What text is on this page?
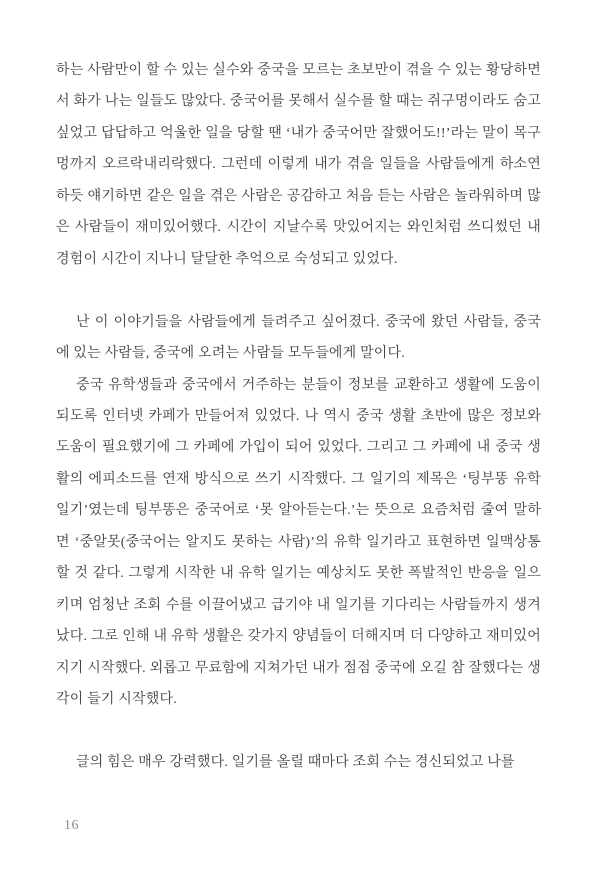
하는 사람만이 할 수 있는 실수와 중국을 모르는 초보만이 겪을 수 있는 황당하면서 화가 나는 일들도 많았다. 중국어를 못해서 실수를 할 때는 쥐구멍이라도 숨고 싶었고 답답하고 억울한 일을 당할 땐 ‘내가 중국어만 잘했어도!!’라는 말이 목구멍까지 오르락내리락했다. 그런데 이렇게 내가 겪을 일들을 사람들에게 하소연하듯 얘기하면 같은 일을 겪은 사람은 공감하고 처음 듣는 사람은 놀라워하며 많은 사람들이 재미있어했다. 시간이 지날수록 맛있어지는 와인처럼 쓰디썼던 내 경험이 시간이 지나니 달달한 추억으로 숙성되고 있었다.

난 이 이야기들을 사람들에게 들려주고 싶어졌다. 중국에 왔던 사람들, 중국에 있는 사람들, 중국에 오려는 사람들 모두들에게 말이다.

중국 유학생들과 중국에서 거주하는 분들이 정보를 교환하고 생활에 도움이 되도록 인터넷 카페가 만들어져 있었다. 나 역시 중국 생활 초반에 많은 정보와 도움이 필요했기에 그 카페에 가입이 되어 있었다. 그리고 그 카페에 내 중국 생활의 에피소드를 연재 방식으로 쓰기 시작했다. 그 일기의 제목은 ‘팅부똥 유학 일기’였는데 팅부똥은 중국어로 ‘못 알아듣는다.’는 뜻으로 요즘처럼 줄여 말하면 ‘중알못(중국어는 알지도 못하는 사람)’의 유학 일기라고 표현하면 일맥상통할 것 같다. 그렇게 시작한 내 유학 일기는 예상치도 못한 폭발적인 반응을 일으키며 엄청난 조회 수를 이끌어냈고 급기야 내 일기를 기다리는 사람들까지 생겨났다. 그로 인해 내 유학 생활은 갖가지 양념들이 더해지며 더 다양하고 재미있어지기 시작했다. 외롭고 무료함에 지쳐가던 내가 점점 중국에 오길 참 잘했다는 생각이 들기 시작했다.

글의 힘은 매우 강력했다. 일기를 올릴 때마다 조회 수는 경신되었고 나를

16
